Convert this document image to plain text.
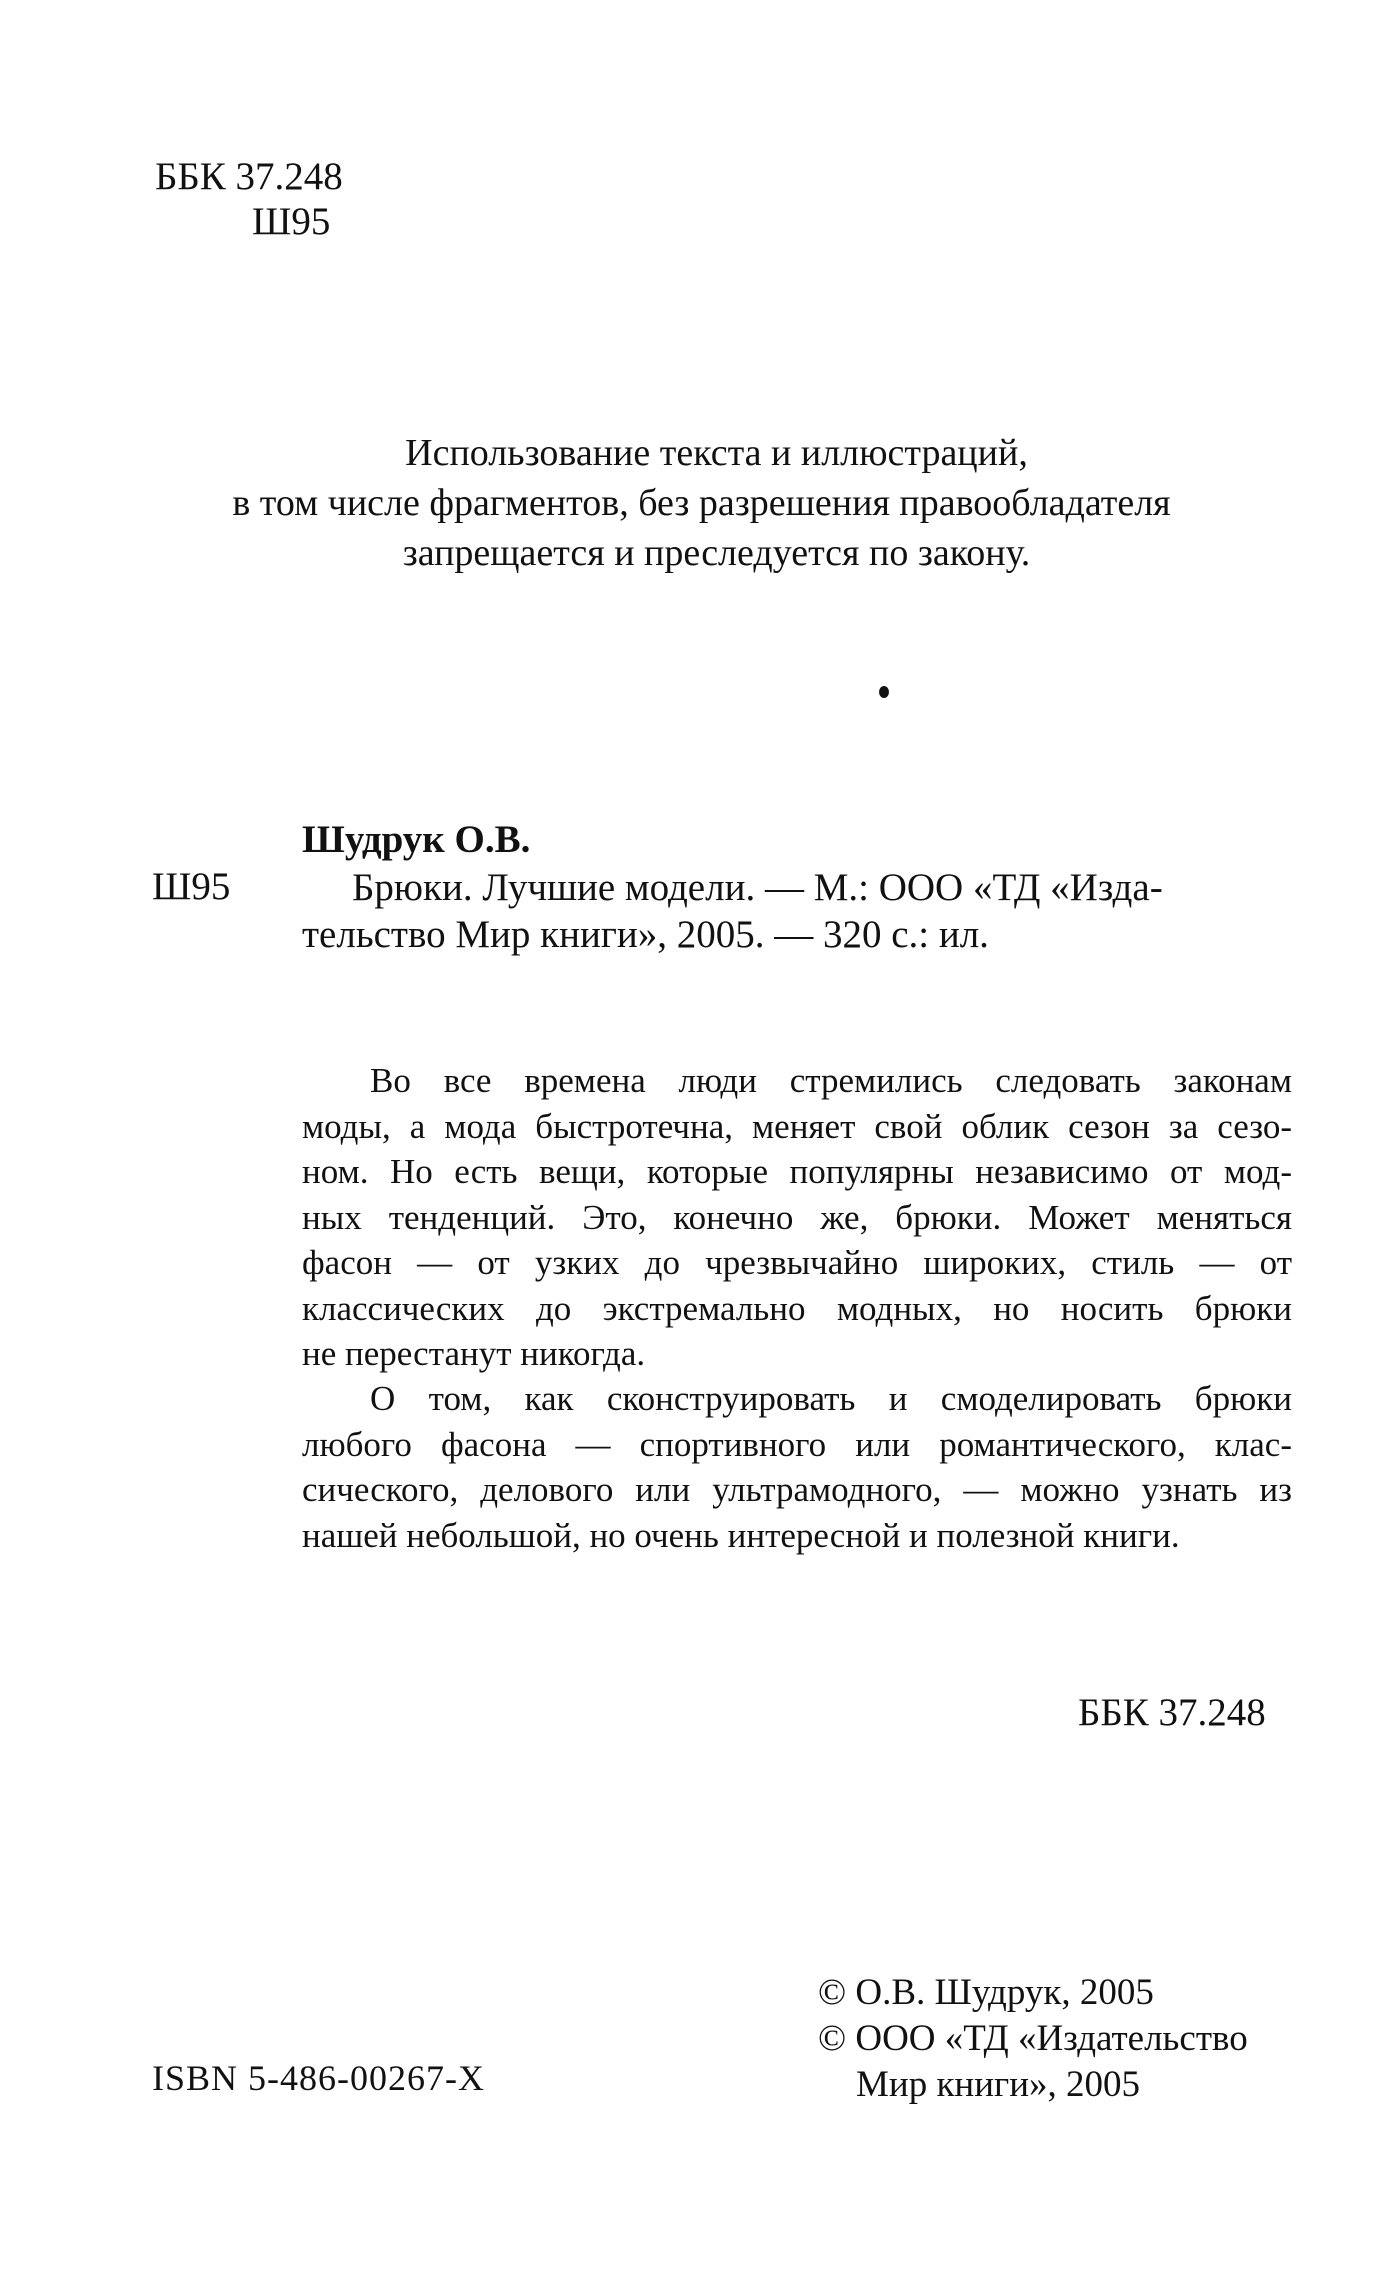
ББК 37.248
Ш95
Использование текста и иллюстраций,
в том числе фрагментов, без разрешения правообладателя
запрещается и преследуется по закону.
Шудрук О.В.
Ш95	Брюки. Лучшие модели. — М.: ООО «ТД «Изда-
тельство Мир книги», 2005. — 320 с.: ил.
Во все времена люди стремились следовать законам
моды, а мода быстротечна, меняет свой облик сезон за сезо-
ном. Но есть вещи, которые популярны независимо от мод-
ных тенденций. Это, конечно же, брюки. Может меняться
фасон — от узких до чрезвычайно широких, стиль — от
классических до экстремально модных, но носить брюки
не перестанут никогда.
О том, как сконструировать и смоделировать брюки
любого фасона — спортивного или романтического, клас-
сического, делового или ультрамодного, — можно узнать из
нашей небольшой, но очень интересной и полезной книги.
ББК 37.248
ISBN 5-486-00267-X
© О.В. Шудрук, 2005
© ООО «ТД «Издательство
Мир книги», 2005
